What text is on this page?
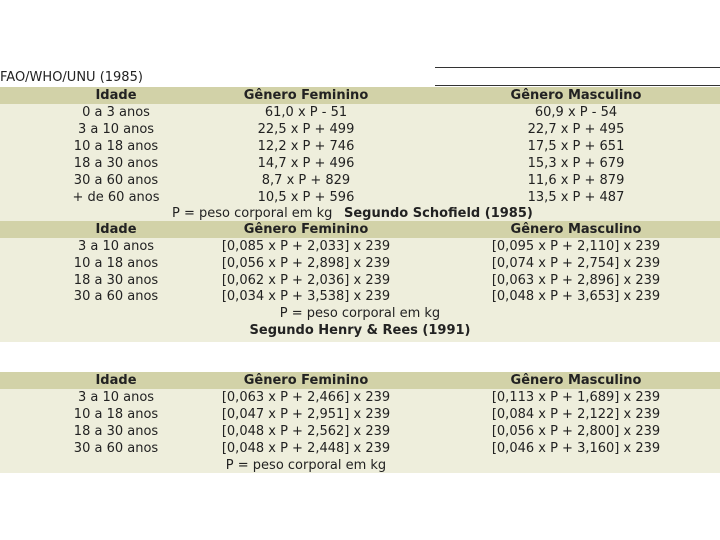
FAO/WHO/UNU (1985)
Idade	Gênero Feminino	Gênero Masculino
0 a 3 anos	61,0 x P - 51	60,9 x P - 54
3 a 10 anos	22,5 x P + 499	22,7 x P + 495
10 a 18 anos	12,2 x P + 746	17,5 x P + 651
18 a 30 anos	14,7 x P + 496	15,3 x P + 679
30 a 60 anos	8,7 x P + 829	11,6 x P + 879
+ de 60 anos	10,5 x P + 596	13,5 x P + 487
P = peso corporal em kg Segundo Schofield (1985)
Idade	Gênero Feminino	Gênero Masculino
3 a 10 anos	[0,085 x P + 2,033] x 239	[0,095 x P + 2,110] x 239
10 a 18 anos	[0,056 x P + 2,898] x 239	[0,074 x P + 2,754] x 239
18 a 30 anos	[0,062 x P + 2,036] x 239	[0,063 x P + 2,896] x 239
30 a 60 anos	[0,034 x P + 3,538] x 239	[0,048 x P + 3,653] x 239
P = peso corporal em kg
Segundo Henry & Rees (1991)
Idade	Gênero Feminino	Gênero Masculino
3 a 10 anos	[0,063 x P + 2,466] x 239	[0,113 x P + 1,689] x 239
10 a 18 anos	[0,047 x P + 2,951] x 239	[0,084 x P + 2,122] x 239
18 a 30 anos	[0,048 x P + 2,562] x 239	[0,056 x P + 2,800] x 239
30 a 60 anos	[0,048 x P + 2,448] x 239	[0,046 x P + 3,160] x 239
P = peso corporal em kg
